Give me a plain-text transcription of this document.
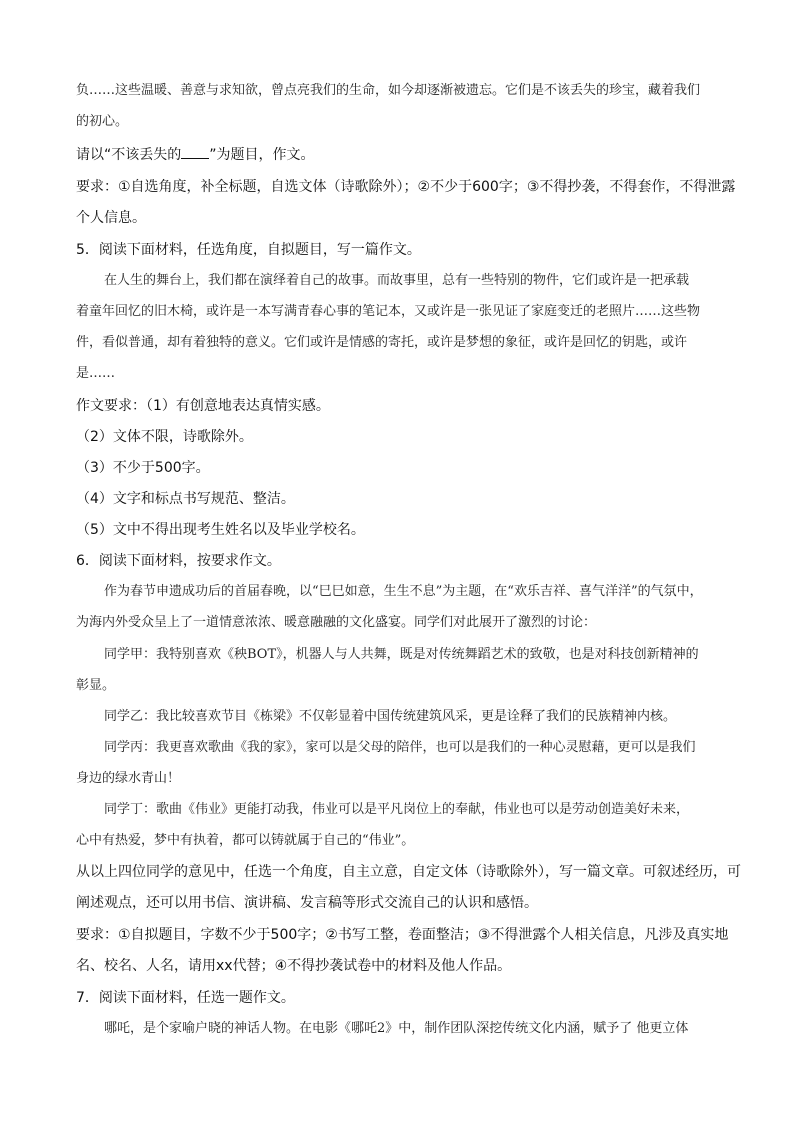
负……这些温暖、善意与求知欲，曾点亮我们的生命，如今却逐渐被遗忘。它们是不该丢失的珍宝，藏着我们
的初心。
请以“不该丢失的 ”为题目，作文。
要求：①自选角度，补全标题，自选文体（诗歌除外）；②不少于600字；③不得抄袭，不得套作，不得泄露
个人信息。
5．阅读下面材料，任选角度，自拟题目，写一篇作文。
在人生的舞台上，我们都在演绎着自己的故事。而故事里，总有一些特别的物件，它们或许是一把承载
着童年回忆的旧木椅，或许是一本写满青春心事的笔记本，又或许是一张见证了家庭变迁的老照片……这些物
件，看似普通，却有着独特的意义。它们或许是情感的寄托，或许是梦想的象征，或许是回忆的钥匙，或许
是……
作文要求：（1）有创意地表达真情实感。
（2）文体不限，诗歌除外。
（3）不少于500字。
（4）文字和标点书写规范、整洁。
（5）文中不得出现考生姓名以及毕业学校名。
6．阅读下面材料，按要求作文。
作为春节申遗成功后的首届春晚，以“巳巳如意，生生不息”为主题，在“欢乐吉祥、喜气洋洋”的气氛中，
为海内外受众呈上了一道情意浓浓、暖意融融的文化盛宴。同学们对此展开了激烈的讨论：
同学甲：我特别喜欢《秧BOT》，机器人与人共舞，既是对传统舞蹈艺术的致敬，也是对科技创新精神的
彰显。
同学乙：我比较喜欢节目《栋梁》不仅彰显着中国传统建筑风采，更是诠释了我们的民族精神内核。
同学丙：我更喜欢歌曲《我的家》，家可以是父母的陪伴，也可以是我们的一种心灵慰藉，更可以是我们
身边的绿水青山！
同学丁：歌曲《伟业》更能打动我，伟业可以是平凡岗位上的奉献，伟业也可以是劳动创造美好未来，
心中有热爱，梦中有执着，都可以铸就属于自己的“伟业”。
从以上四位同学的意见中，任选一个角度，自主立意，自定文体（诗歌除外），写一篇文章。可叙述经历，可
阐述观点，还可以用书信、演讲稿、发言稿等形式交流自己的认识和感悟。
要求：①自拟题目，字数不少于500字；②书写工整，卷面整洁；③不得泄露个人相关信息，凡涉及真实地
名、校名、人名，请用xx代替；④不得抄袭试卷中的材料及他人作品。
7．阅读下面材料，任选一题作文。
哪吒，是个家喻户晓的神话人物。在电影《哪吒2》中，制作团队深挖传统文化内涵，赋予了 他更立体
